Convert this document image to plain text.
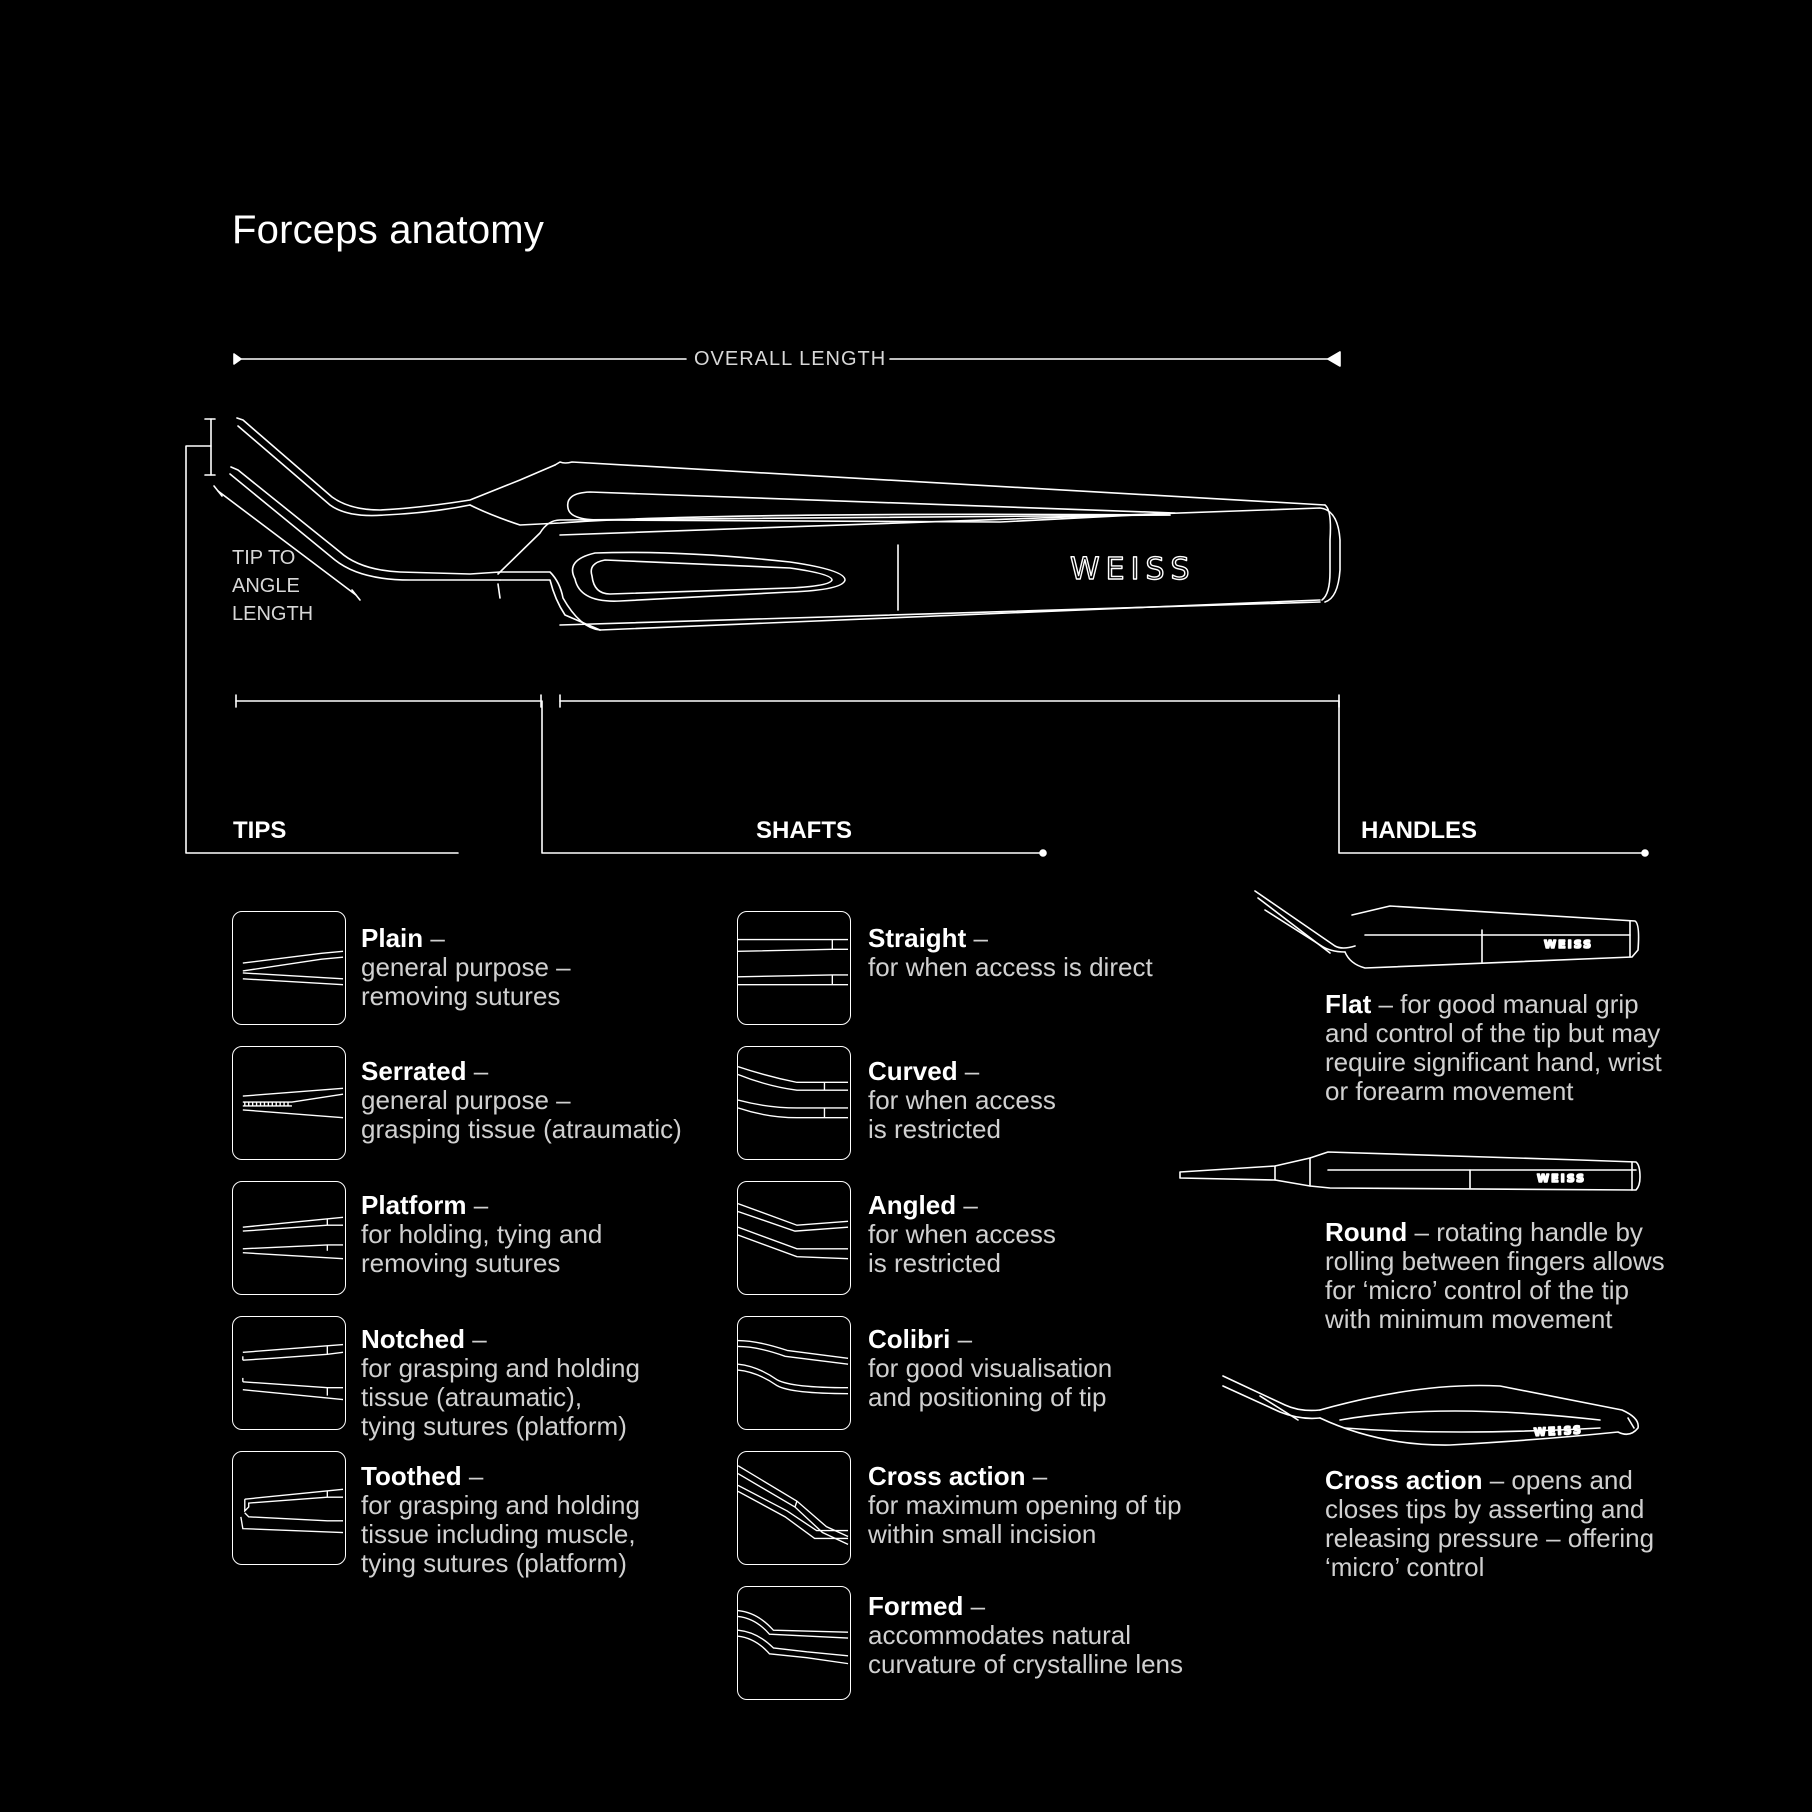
WEISS
WEISS
WEISS
WEISS
Forceps anatomy
OVERALL LENGTH
TIP TO
ANGLE
LENGTH
TIPS	SHAFTS	HANDLES
Plain –
general purpose –
removing sutures
Serrated –
general purpose –
grasping tissue (atraumatic)
Platform –
for holding, tying and
removing sutures
Notched –
for grasping and holding
tissue (atraumatic),
tying sutures (platform)
Toothed –
for grasping and holding
tissue including muscle,
tying sutures (platform)
Straight –
for when access is direct
Curved –
for when access
is restricted
Angled –
for when access
is restricted
Colibri –
for good visualisation
and positioning of tip
Cross action –
for maximum opening of tip
within small incision
Formed –
accommodates natural
curvature of crystalline lens
Flat – for good manual grip and control of the tip but may require significant hand, wrist or forearm movement
Round – rotating handle by rolling between fingers allows for ‘micro’ control of the tip with minimum movement
Cross action – opens and closes tips by asserting and releasing pressure – offering ‘micro’ control
